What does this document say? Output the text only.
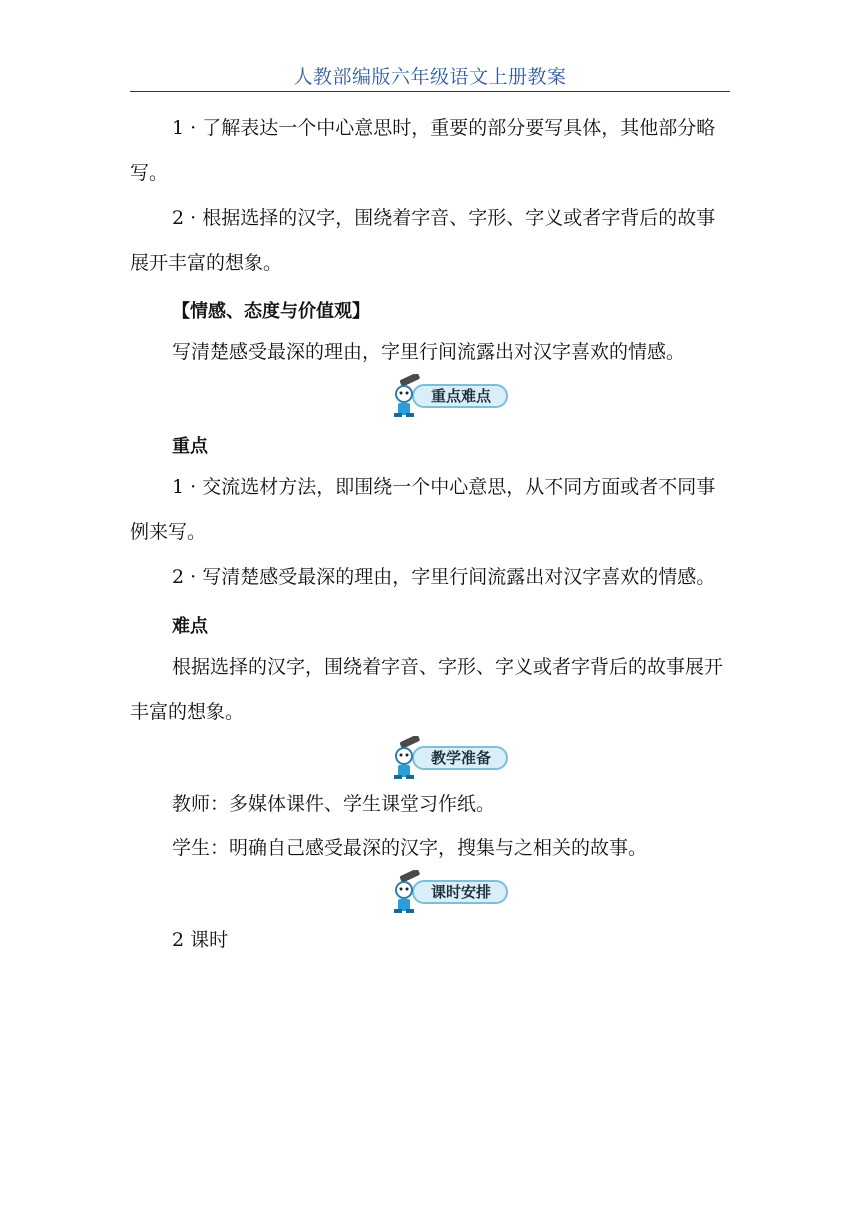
人教部编版六年级语文上册教案

1 · 了解表达一个中心意思时，重要的部分要写具体，其他部分略写。

2 · 根据选择的汉字，围绕着字音、字形、字义或者字背后的故事展开丰富的想象。

【情感、态度与价值观】

写清楚感受最深的理由，字里行间流露出对汉字喜欢的情感。

重点难点
重点

1 · 交流选材方法，即围绕一个中心意思，从不同方面或者不同事例来写。

2 · 写清楚感受最深的理由，字里行间流露出对汉字喜欢的情感。

难点

根据选择的汉字，围绕着字音、字形、字义或者字背后的故事展开丰富的想象。

教学准备

教师：多媒体课件、学生课堂习作纸。

学生：明确自己感受最深的汉字，搜集与之相关的故事。

课时安排

2 课时
